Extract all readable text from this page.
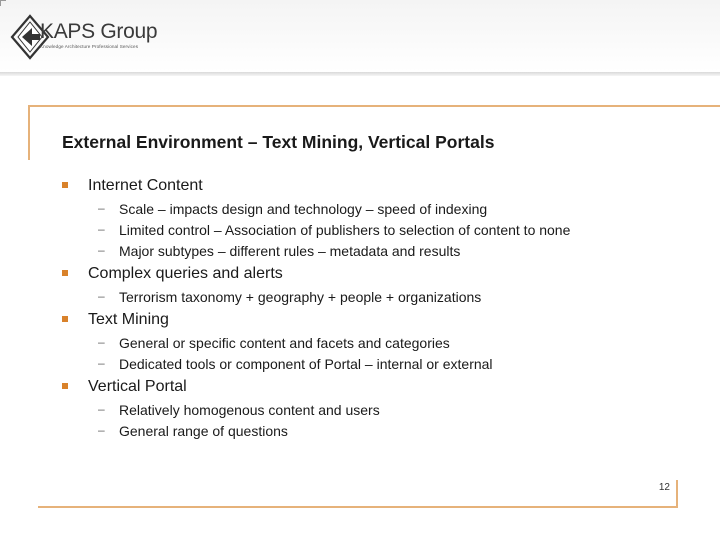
KAPS Group
Knowledge Architecture Professional Services
External Environment – Text Mining, Vertical Portals
Internet Content
– Scale – impacts design and technology – speed of indexing
– Limited control – Association of publishers to selection of content to none
– Major subtypes – different rules – metadata and results
Complex queries and alerts
– Terrorism taxonomy + geography + people + organizations
Text Mining
– General or specific content and facets and categories
– Dedicated tools or component of Portal – internal or external
Vertical Portal
– Relatively homogenous content and users
– General range of questions
12
